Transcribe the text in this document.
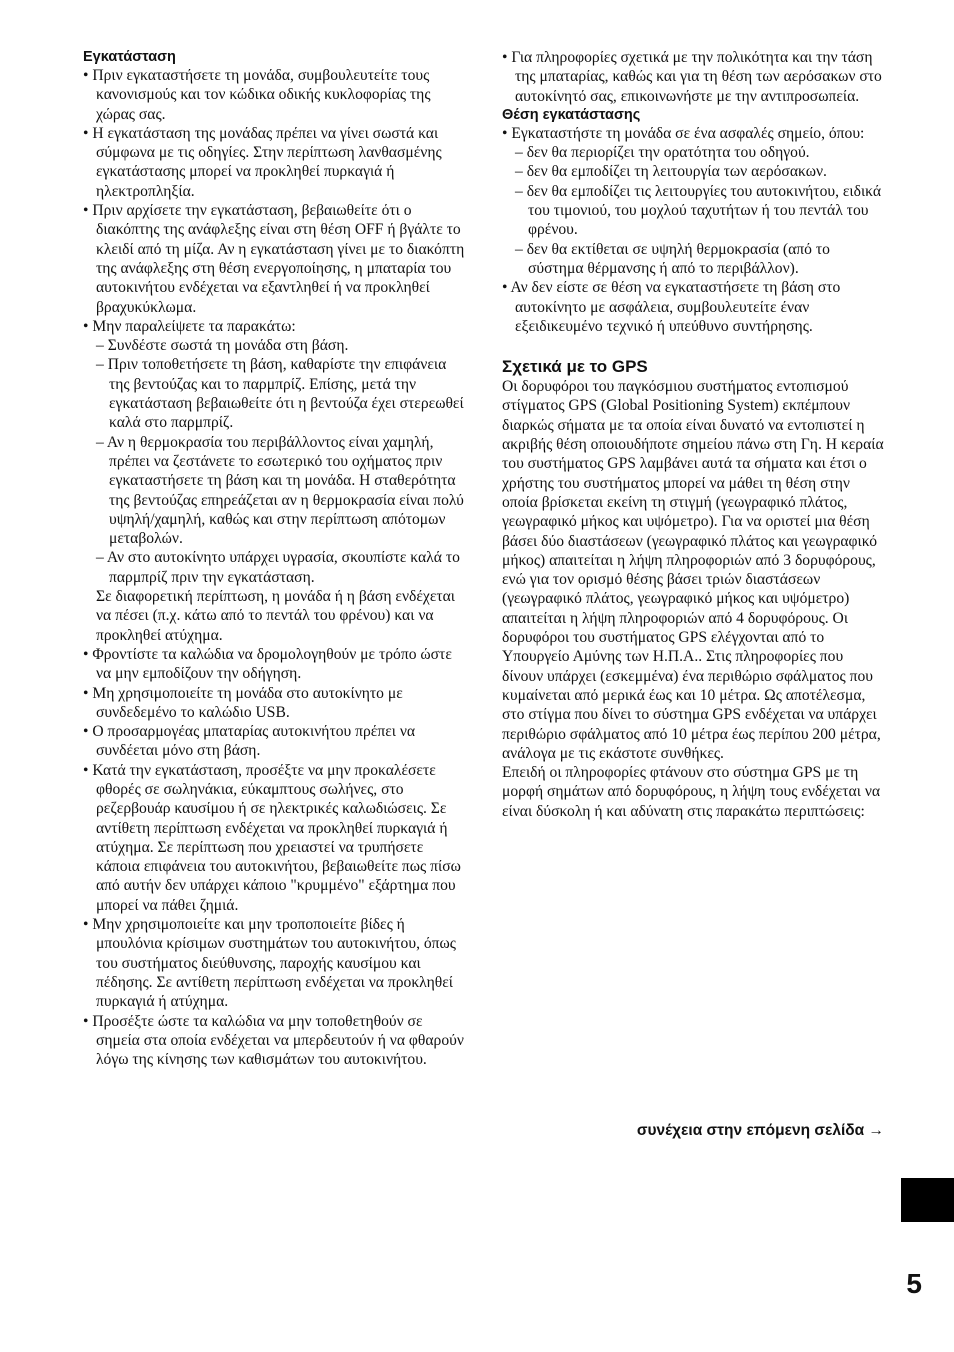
Εγκατάσταση
• Πριν εγκαταστήσετε τη μονάδα, συμβουλευτείτε τους κανονισμούς και τον κώδικα οδικής κυκλοφορίας της χώρας σας.
• Η εγκατάσταση της μονάδας πρέπει να γίνει σωστά και σύμφωνα με τις οδηγίες. Στην περίπτωση λανθασμένης εγκατάστασης μπορεί να προκληθεί πυρκαγιά ή ηλεκτροπληξία.
• Πριν αρχίσετε την εγκατάσταση, βεβαιωθείτε ότι ο διακόπτης της ανάφλεξης είναι στη θέση OFF ή βγάλτε το κλειδί από τη μίζα. Αν η εγκατάσταση γίνει με το διακόπτη της ανάφλεξης στη θέση ενεργοποίησης, η μπαταρία του αυτοκινήτου ενδέχεται να εξαντληθεί ή να προκληθεί βραχυκύκλωμα.
• Μην παραλείψετε τα παρακάτω:
– Συνδέστε σωστά τη μονάδα στη βάση.
– Πριν τοποθετήσετε τη βάση, καθαρίστε την επιφάνεια της βεντούζας και το παρμπρίζ. Επίσης, μετά την εγκατάσταση βεβαιωθείτε ότι η βεντούζα έχει στερεωθεί καλά στο παρμπρίζ.
– Αν η θερμοκρασία του περιβάλλοντος είναι χαμηλή, πρέπει να ζεστάνετε το εσωτερικό του οχήματος πριν εγκαταστήσετε τη βάση και τη μονάδα. Η σταθερότητα της βεντούζας επηρεάζεται αν η θερμοκρασία είναι πολύ υψηλή/χαμηλή, καθώς και στην περίπτωση απότομων μεταβολών.
– Αν στο αυτοκίνητο υπάρχει υγρασία, σκουπίστε καλά το παρμπρίζ πριν την εγκατάσταση.
Σε διαφορετική περίπτωση, η μονάδα ή η βάση ενδέχεται να πέσει (π.χ. κάτω από το πεντάλ του φρένου) και να προκληθεί ατύχημα.
• Φροντίστε τα καλώδια να δρομολογηθούν με τρόπο ώστε να μην εμποδίζουν την οδήγηση.
• Μη χρησιμοποιείτε τη μονάδα στο αυτοκίνητο με συνδεδεμένο το καλώδιο USB.
• Ο προσαρμογέας μπαταρίας αυτοκινήτου πρέπει να συνδέεται μόνο στη βάση.
• Κατά την εγκατάσταση, προσέξτε να μην προκαλέσετε φθορές σε σωληνάκια, εύκαμπτους σωλήνες, στο ρεζερβουάρ καυσίμου ή σε ηλεκτρικές καλωδιώσεις. Σε αντίθετη περίπτωση ενδέχεται να προκληθεί πυρκαγιά ή ατύχημα. Σε περίπτωση που χρειαστεί να τρυπήσετε κάποια επιφάνεια του αυτοκινήτου, βεβαιωθείτε πως πίσω από αυτήν δεν υπάρχει κάποιο "κρυμμένο" εξάρτημα που μπορεί να πάθει ζημιά.
• Μην χρησιμοποιείτε και μην τροποποιείτε βίδες ή μπουλόνια κρίσιμων συστημάτων του αυτοκινήτου, όπως του συστήματος διεύθυνσης, παροχής καυσίμου και πέδησης. Σε αντίθετη περίπτωση ενδέχεται να προκληθεί πυρκαγιά ή ατύχημα.
• Προσέξτε ώστε τα καλώδια να μην τοποθετηθούν σε σημεία στα οποία ενδέχεται να μπερδευτούν ή να φθαρούν λόγω της κίνησης των καθισμάτων του αυτοκινήτου.
• Για πληροφορίες σχετικά με την πολικότητα και την τάση της μπαταρίας, καθώς και για τη θέση των αερόσακων στο αυτοκίνητό σας, επικοινωνήστε με την αντιπροσωπεία.
Θέση εγκατάστασης
• Εγκαταστήστε τη μονάδα σε ένα ασφαλές σημείο, όπου:
– δεν θα περιορίζει την ορατότητα του οδηγού.
– δεν θα εμποδίζει τη λειτουργία των αερόσακων.
– δεν θα εμποδίζει τις λειτουργίες του αυτοκινήτου, ειδικά του τιμονιού, του μοχλού ταχυτήτων ή του πεντάλ του φρένου.
– δεν θα εκτίθεται σε υψηλή θερμοκρασία (από το σύστημα θέρμανσης ή από το περιβάλλον).
• Αν δεν είστε σε θέση να εγκαταστήσετε τη βάση στο αυτοκίνητο με ασφάλεια, συμβουλευτείτε έναν εξειδικευμένο τεχνικό ή υπεύθυνο συντήρησης.
Σχετικά με το GPS
Οι δορυφόροι του παγκόσμιου συστήματος εντοπισμού στίγματος GPS (Global Positioning System) εκπέμπουν διαρκώς σήματα με τα οποία είναι δυνατό να εντοπιστεί η ακριβής θέση οποιουδήποτε σημείου πάνω στη Γη. Η κεραία του συστήματος GPS λαμβάνει αυτά τα σήματα και έτσι ο χρήστης του συστήματος μπορεί να μάθει τη θέση στην οποία βρίσκεται εκείνη τη στιγμή (γεωγραφικό πλάτος, γεωγραφικό μήκος και υψόμετρο). Για να οριστεί μια θέση βάσει δύο διαστάσεων (γεωγραφικό πλάτος και γεωγραφικό μήκος) απαιτείται η λήψη πληροφοριών από 3 δορυφόρους, ενώ για τον ορισμό θέσης βάσει τριών διαστάσεων (γεωγραφικό πλάτος, γεωγραφικό μήκος και υψόμετρο) απαιτείται η λήψη πληροφοριών από 4 δορυφόρους. Οι δορυφόροι του συστήματος GPS ελέγχονται από το Υπουργείο Αμύνης των Η.Π.Α.. Στις πληροφορίες που δίνουν υπάρχει (εσκεμμένα) ένα περιθώριο σφάλματος που κυμαίνεται από μερικά έως και 10 μέτρα. Ως αποτέλεσμα, στο στίγμα που δίνει το σύστημα GPS ενδέχεται να υπάρχει περιθώριο σφάλματος από 10 μέτρα έως περίπου 200 μέτρα, ανάλογα με τις εκάστοτε συνθήκες.
Επειδή οι πληροφορίες φτάνουν στο σύστημα GPS με τη μορφή σημάτων από δορυφόρους, η λήψη τους ενδέχεται να είναι δύσκολη ή και αδύνατη στις παρακάτω περιπτώσεις:
συνέχεια στην επόμενη σελίδα →
5
